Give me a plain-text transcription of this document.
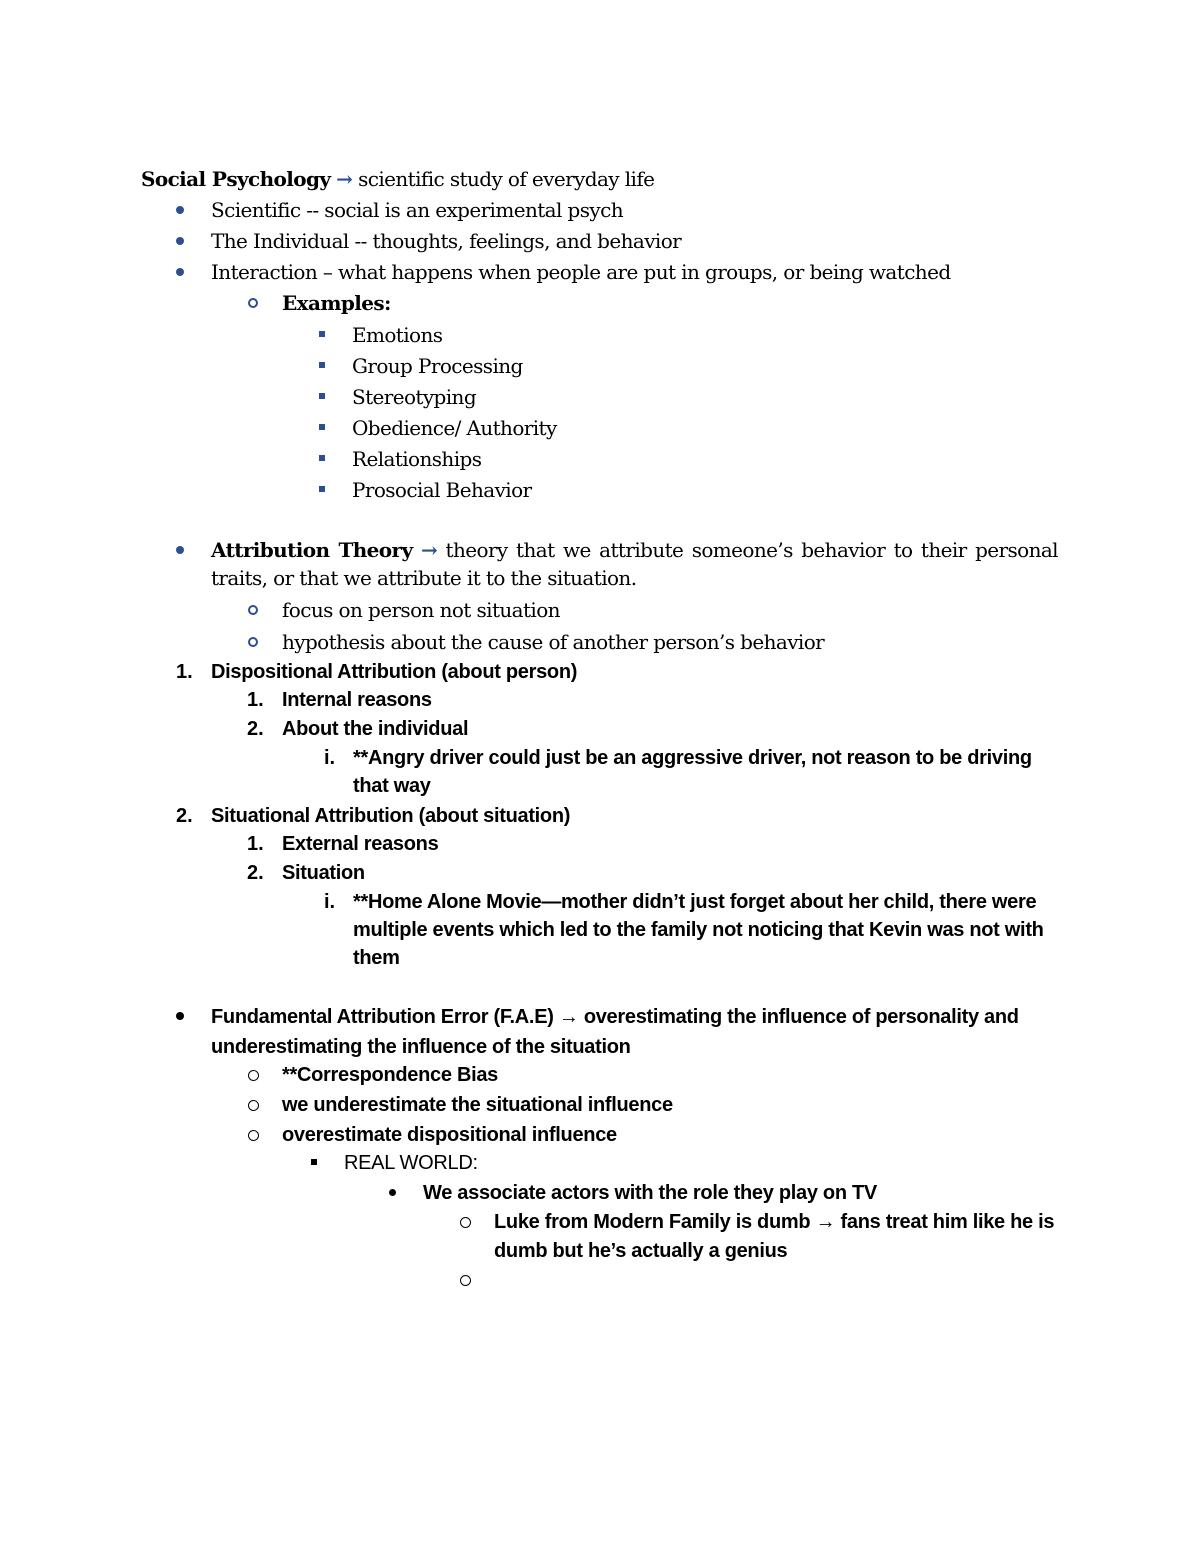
Social Psychology → scientific study of everyday life
Scientific -- social is an experimental psych
The Individual -- thoughts, feelings, and behavior
Interaction – what happens when people are put in groups, or being watched
Examples:
Emotions
Group Processing
Stereotyping
Obedience/ Authority
Relationships
Prosocial Behavior
Attribution Theory → theory that we attribute someone’s behavior to their personal traits, or that we attribute it to the situation.
focus on person not situation
hypothesis about the cause of another person’s behavior
1. Dispositional Attribution (about person)
1. Internal reasons
2. About the individual
i. **Angry driver could just be an aggressive driver, not reason to be driving that way
2. Situational Attribution (about situation)
1. External reasons
2. Situation
i. **Home Alone Movie—mother didn’t just forget about her child, there were multiple events which led to the family not noticing that Kevin was not with them
Fundamental Attribution Error (F.A.E) → overestimating the influence of personality and underestimating the influence of the situation
**Correspondence Bias
we underestimate the situational influence
overestimate dispositional influence
REAL WORLD:
We associate actors with the role they play on TV
Luke from Modern Family is dumb → fans treat him like he is dumb but he’s actually a genius
